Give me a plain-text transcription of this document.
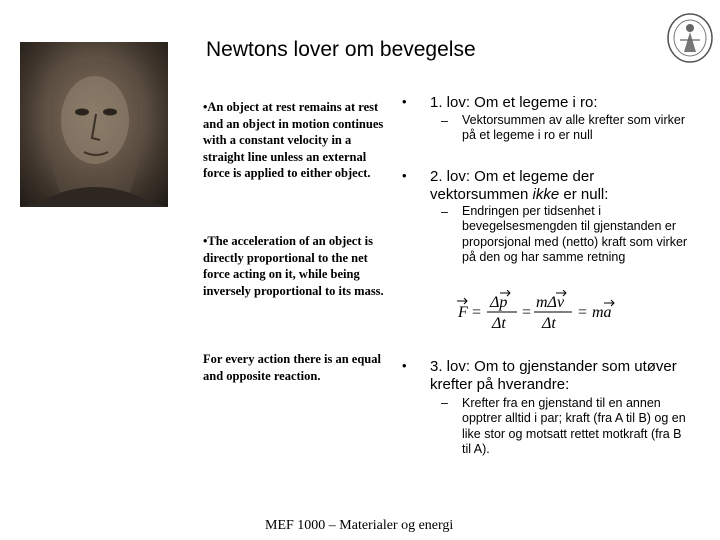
Newtons lover om bevegelse
•An object at rest remains at rest and an object in motion continues with a constant velocity in a straight line unless an external force is applied to either object.
•The acceleration of an object is directly proportional to the net force acting on it, while being inversely proportional to its mass.
For every action there is an equal and opposite reaction.
• 1. lov: Om et legeme i ro:
– Vektorsummen av alle krefter som virker på et legeme i ro er null
• 2. lov: Om et legeme der vektorsummen ikke er null:
– Endringen per tidsenhet i bevegelsesmengden til gjenstanden er proporsjonal med (netto) kraft som virker på den og har samme retning
F =
Δp
Δt
=
mΔv
Δt
= ma
• 3. lov: Om to gjenstander som utøver krefter på hverandre:
– Krefter fra en gjenstand til en annen opptrer alltid i par; kraft (fra A til B) og en like stor og motsatt rettet motkraft (fra B til A).
MEF 1000 – Materialer og energi
